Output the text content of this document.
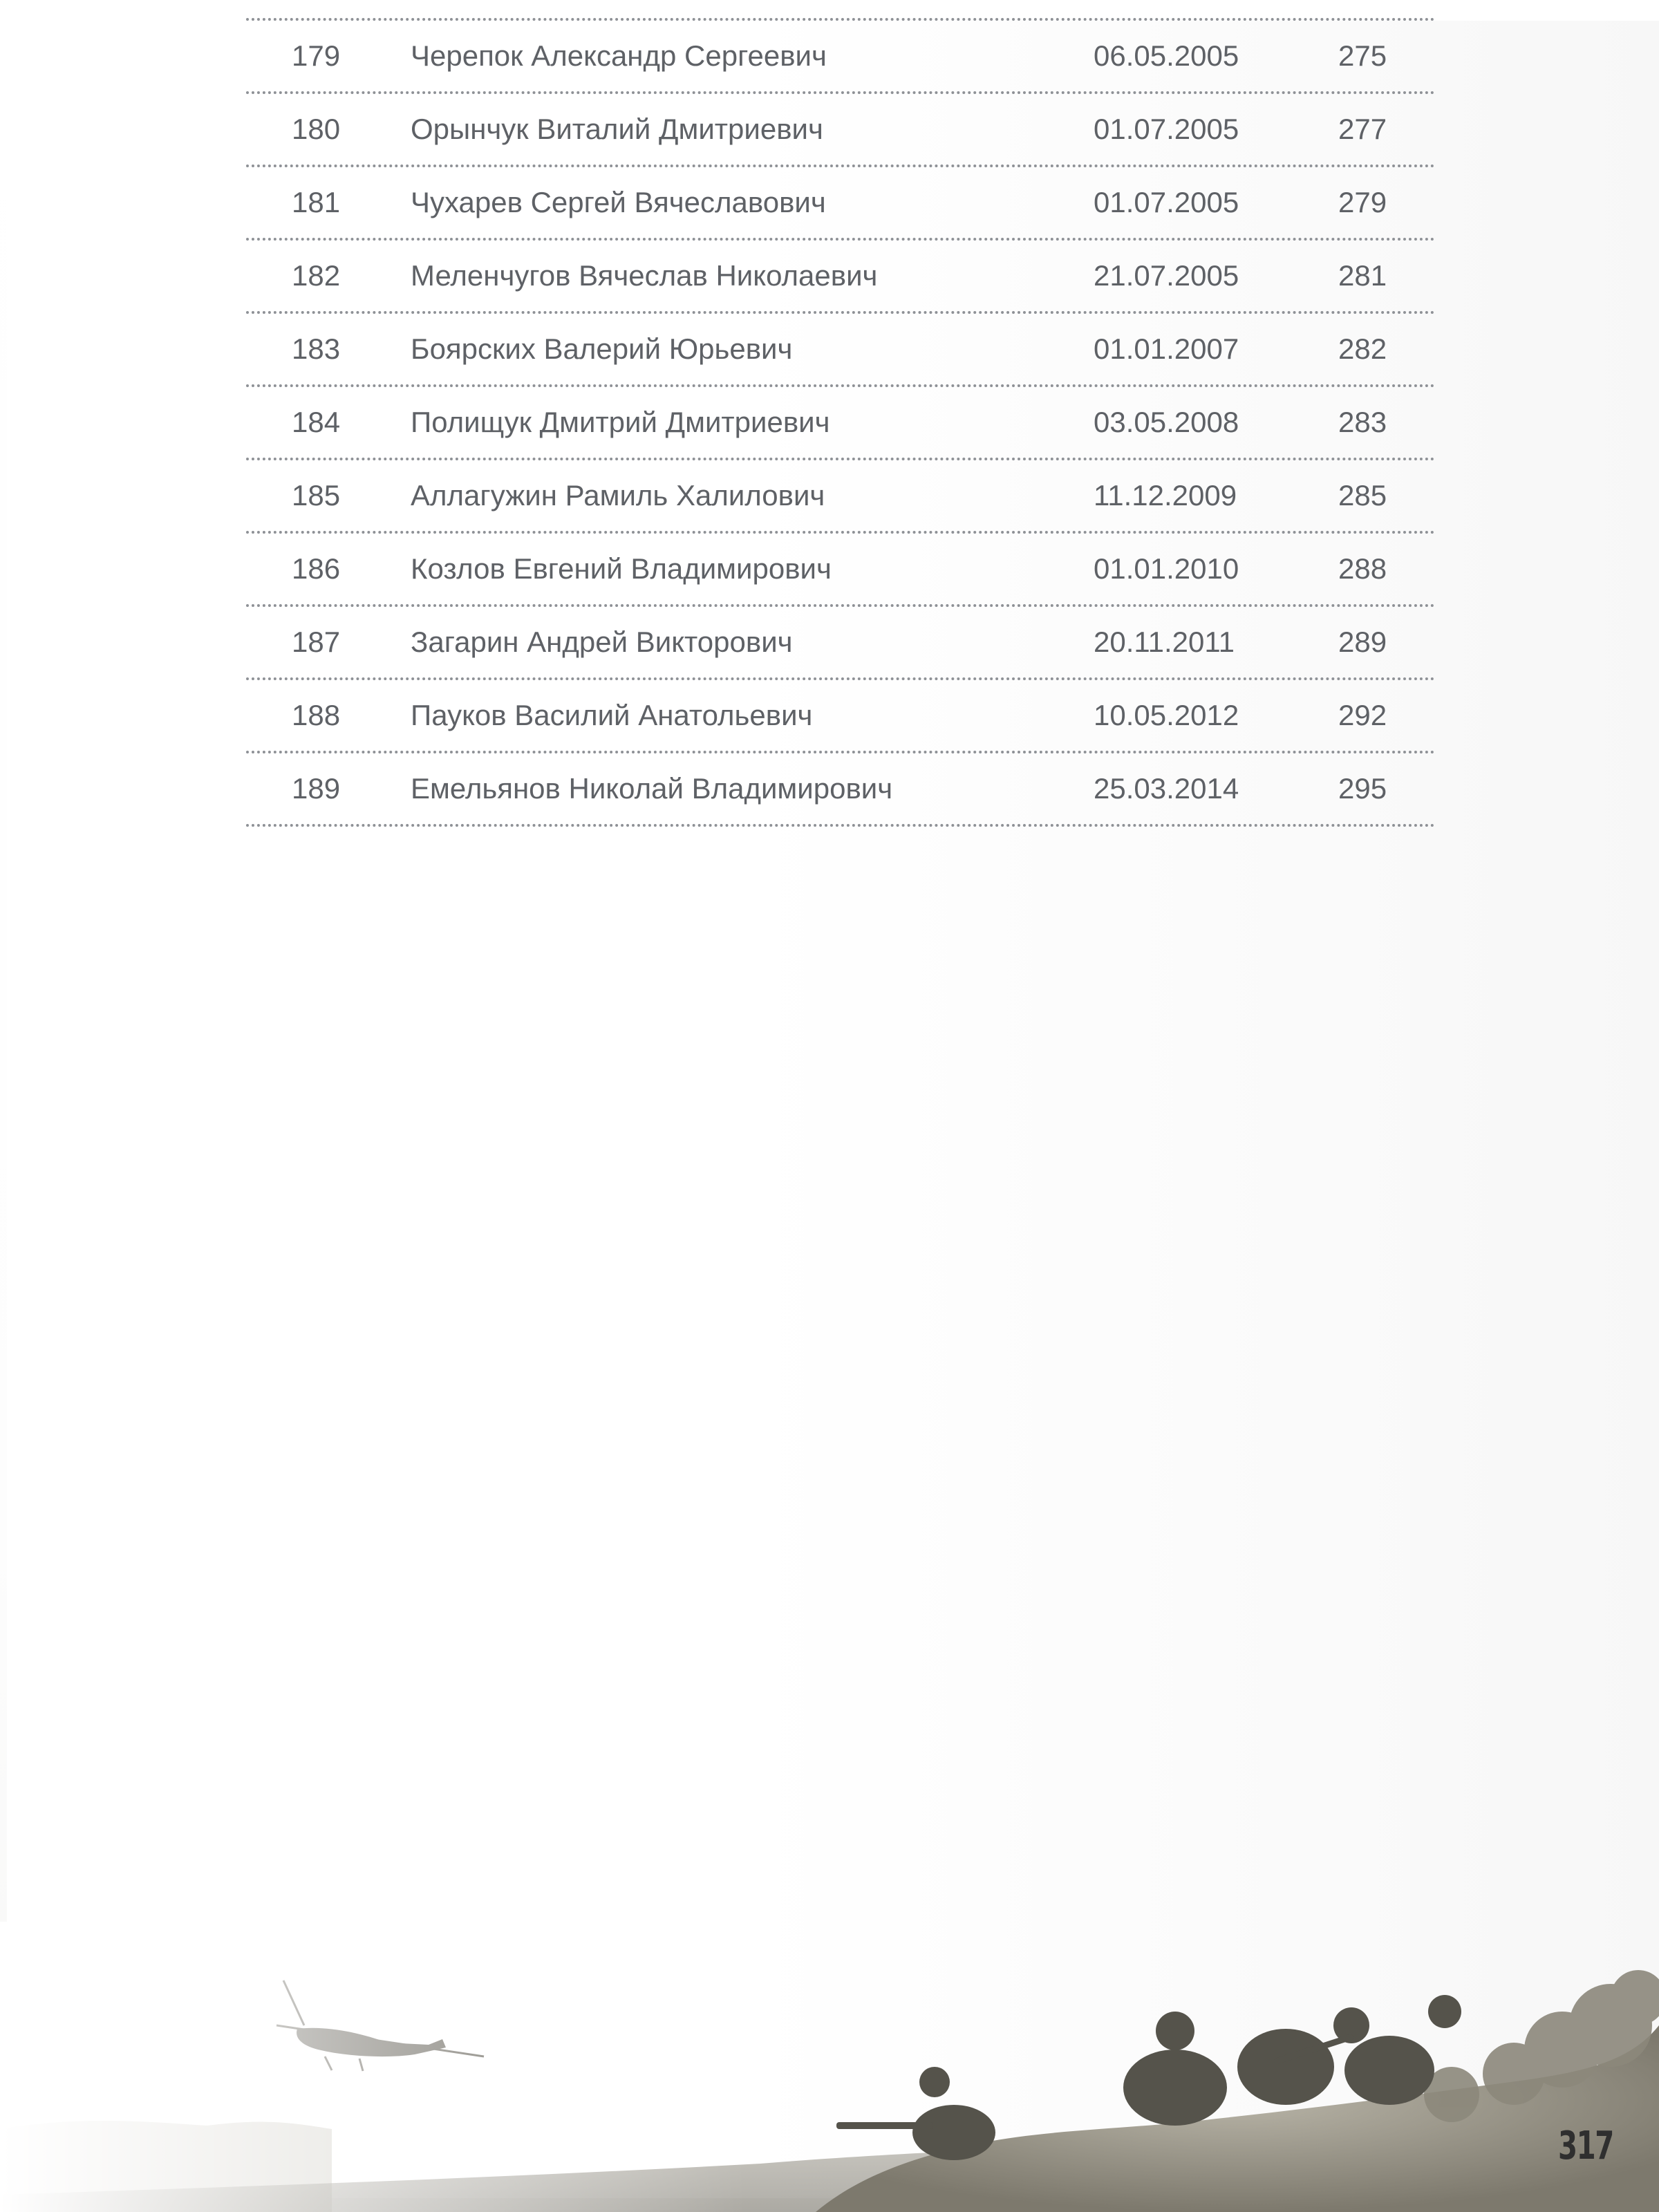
179	Черепок Александр Сергеевич	06.05.2005	275
180	Орынчук Виталий Дмитриевич	01.07.2005	277
181	Чухарев Сергей Вячеславович	01.07.2005	279
182	Меленчугов Вячеслав Николаевич	21.07.2005	281
183	Боярских Валерий Юрьевич	01.01.2007	282
184	Полищук Дмитрий Дмитриевич	03.05.2008	283
185	Аллагужин Рамиль Халилович	11.12.2009	285
186	Козлов Евгений Владимирович	01.01.2010	288
187	Загарин Андрей Викторович	20.11.2011	289
188	Пауков Василий Анатольевич	10.05.2012	292
189	Емельянов Николай Владимирович	25.03.2014	295
317
